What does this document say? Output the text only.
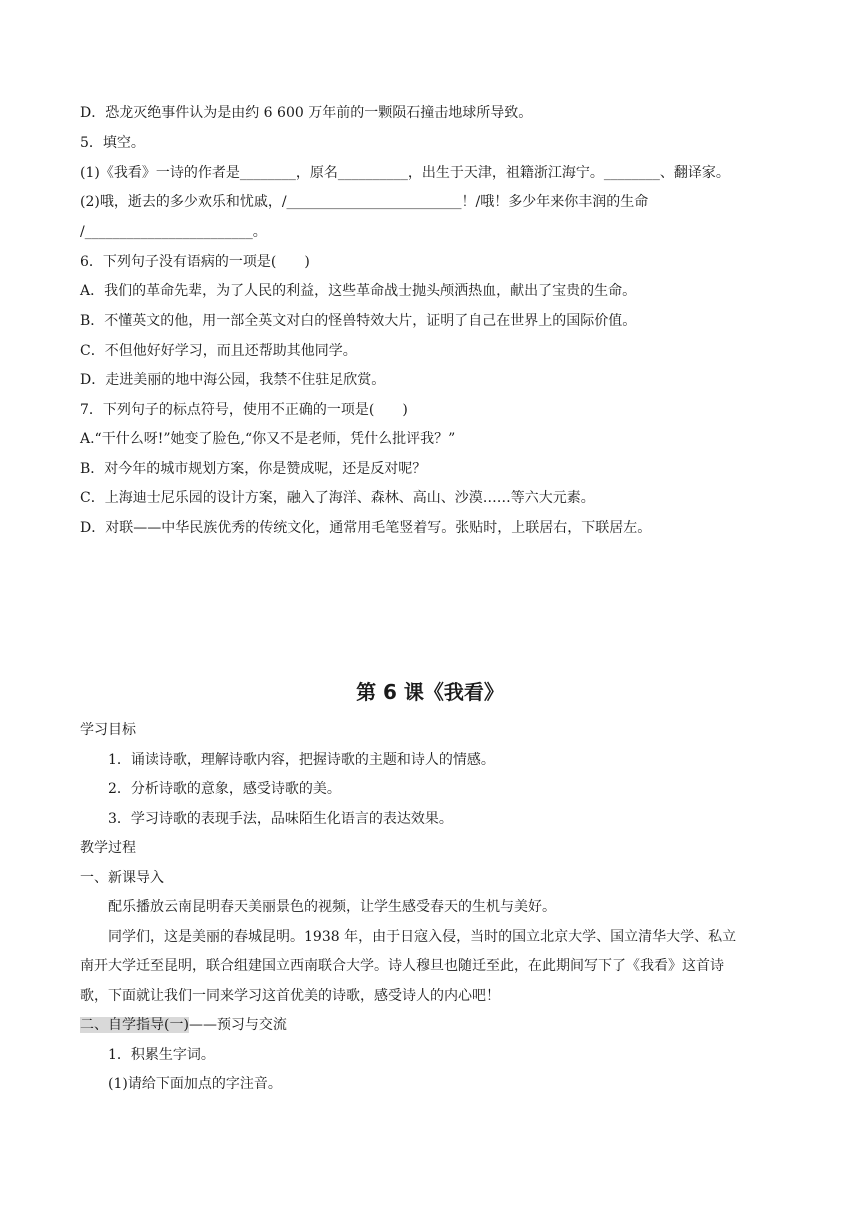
D．恐龙灭绝事件认为是由约 6 600 万年前的一颗陨石撞击地球所导致。
5．填空。
(1)《我看》一诗的作者是________，原名__________，出生于天津，祖籍浙江海宁。________、翻译家。
(2)哦，逝去的多少欢乐和忧戚，/_________________________！/哦！多少年来你丰润的生命
/________________________。
6．下列句子没有语病的一项是(　　)
A．我们的革命先辈，为了人民的利益，这些革命战士抛头颅洒热血，献出了宝贵的生命。
B．不懂英文的他，用一部全英文对白的怪兽特效大片，证明了自己在世界上的国际价值。
C．不但他好好学习，而且还帮助其他同学。
D．走进美丽的地中海公园，我禁不住驻足欣赏。
7．下列句子的标点符号，使用不正确的一项是(　　)
A.“干什么呀!”她变了脸色,“你又不是老师，凭什么批评我？”
B．对今年的城市规划方案，你是赞成呢，还是反对呢？
C．上海迪士尼乐园的设计方案，融入了海洋、森林、高山、沙漠……等六大元素。
D．对联——中华民族优秀的传统文化，通常用毛笔竖着写。张贴时，上联居右，下联居左。
第 6 课《我看》
学习目标
1．诵读诗歌，理解诗歌内容，把握诗歌的主题和诗人的情感。
2．分析诗歌的意象，感受诗歌的美。
3．学习诗歌的表现手法，品味陌生化语言的表达效果。
教学过程
一、新课导入
配乐播放云南昆明春天美丽景色的视频，让学生感受春天的生机与美好。
同学们，这是美丽的春城昆明。1938 年，由于日寇入侵，当时的国立北京大学、国立清华大学、私立
南开大学迁至昆明，联合组建国立西南联合大学。诗人穆旦也随迁至此，在此期间写下了《我看》这首诗
歌，下面就让我们一同来学习这首优美的诗歌，感受诗人的内心吧！
二、自学指导(一)——预习与交流
1．积累生字词。
(1)请给下面加点的字注音。
